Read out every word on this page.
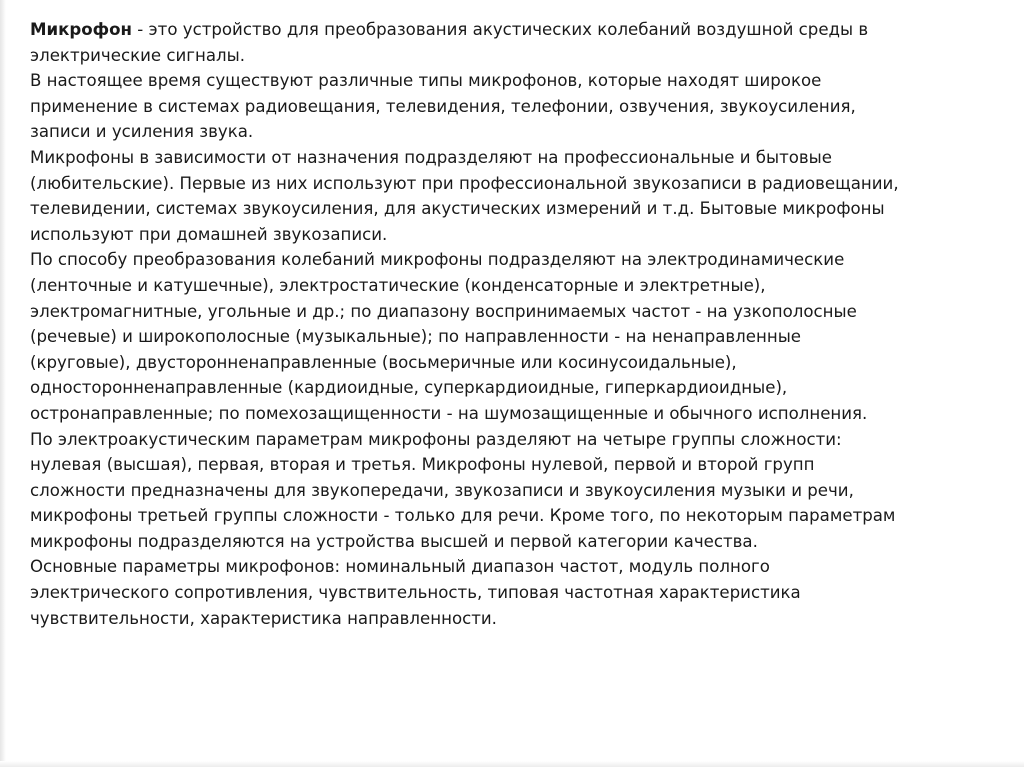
Микрофон - это устройство для преобразования акустических колебаний воздушной среды в
электрические сигналы.
В настоящее время существуют различные типы микрофонов, которые находят широкое
применение в системах радиовещания, телевидения, телефонии, озвучения, звукоусиления,
записи и усиления звука.
Микрофоны в зависимости от назначения подразделяют на профессиональные и бытовые
(любительские). Первые из них используют при профессиональной звукозаписи в радиовещании,
телевидении, системах звукоусиления, для акустических измерений и т.д. Бытовые микрофоны
используют при домашней звукозаписи.
По способу преобразования колебаний микрофоны подразделяют на электродинамические
(ленточные и катушечные), электростатические (конденсаторные и электретные),
электромагнитные, угольные и др.; по диапазону воспринимаемых частот - на узкополосные
(речевые) и широкополосные (музыкальные); по направленности - на ненаправленные
(круговые), двусторонненаправленные (восьмеричные или косинусоидальные),
односторонненаправленные (кардиоидные, суперкардиоидные, гиперкардиоидные),
остронаправленные; по помехозащищенности - на шумозащищенные и обычного исполнения.
По электроакустическим параметрам микрофоны разделяют на четыре группы сложности:
нулевая (высшая), первая, вторая и третья. Микрофоны нулевой, первой и второй групп
сложности предназначены для звукопередачи, звукозаписи и звукоусиления музыки и речи,
микрофоны третьей группы сложности - только для речи. Кроме того, по некоторым параметрам
микрофоны подразделяются на устройства высшей и первой категории качества.
Основные параметры микрофонов: номинальный диапазон частот, модуль полного
электрического сопротивления, чувствительность, типовая частотная характеристика
чувствительности, характеристика направленности.
